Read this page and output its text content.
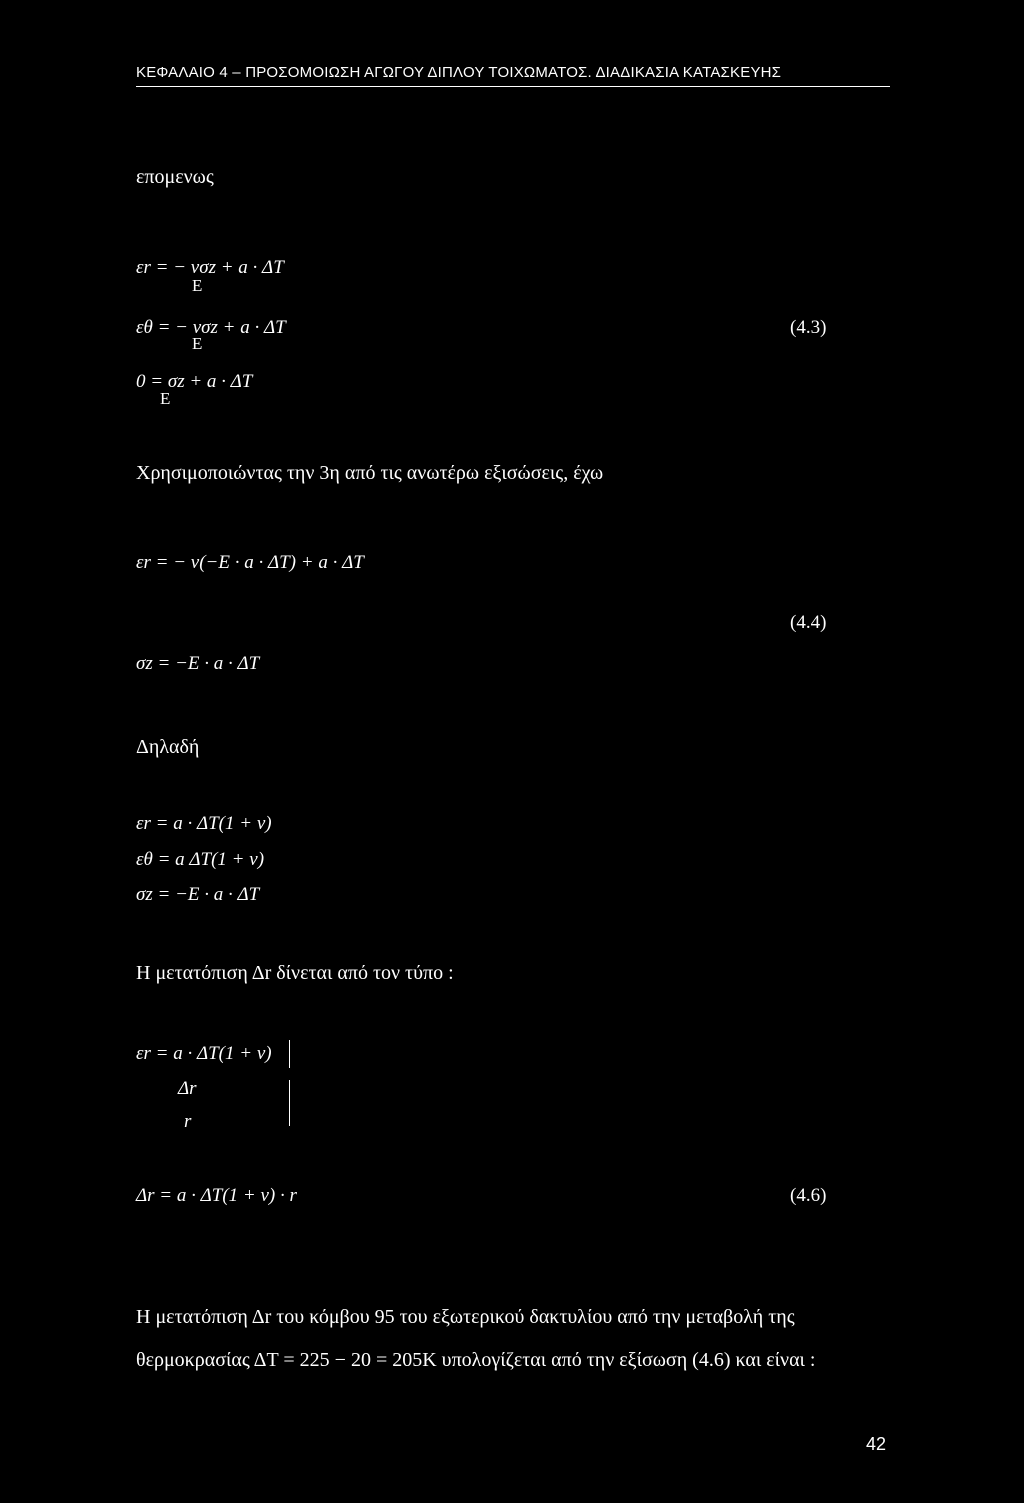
ΚΕΦΑΛΑΙΟ 4 – ΠΡΟΣΟΜΟΙΩΣΗ ΑΓΩΓΟΥ ΔΙΠΛΟΥ ΤΟΙΧΩΜΑΤΟΣ. ΔΙΑΔΙΚΑΣΙΑ ΚΑΤΑΣΚΕΥΗΣ
επομενως
εr = − νσz + a · ΔT
Ε
εθ = − νσz + a · ΔT
Ε
(4.3)
0 = σz + a · ΔT
Ε
Χρησιμοποιώντας την 3η από τις ανωτέρω εξισώσεις, έχω
εr = − ν(−Ε · a · ΔT) + a · ΔT
(4.4)
σz = −Ε · a · ΔT
Δηλαδή
εr = a · ΔT(1 + ν)
εθ = a ΔT(1 + ν)
σz = −Ε · a · ΔT
Η μετατόπιση Δr δίνεται από τον τύπο :
εr = a · ΔT(1 + ν)
Δr
r
Δr = a · ΔT(1 + ν) · r	(4.6)
Η μετατόπιση Δr του κόμβου 95 του εξωτερικού δακτυλίου από την μεταβολή της
θερμοκρασίας ΔT = 225 − 20 = 205K υπολογίζεται από την εξίσωση (4.6) και είναι :
42
